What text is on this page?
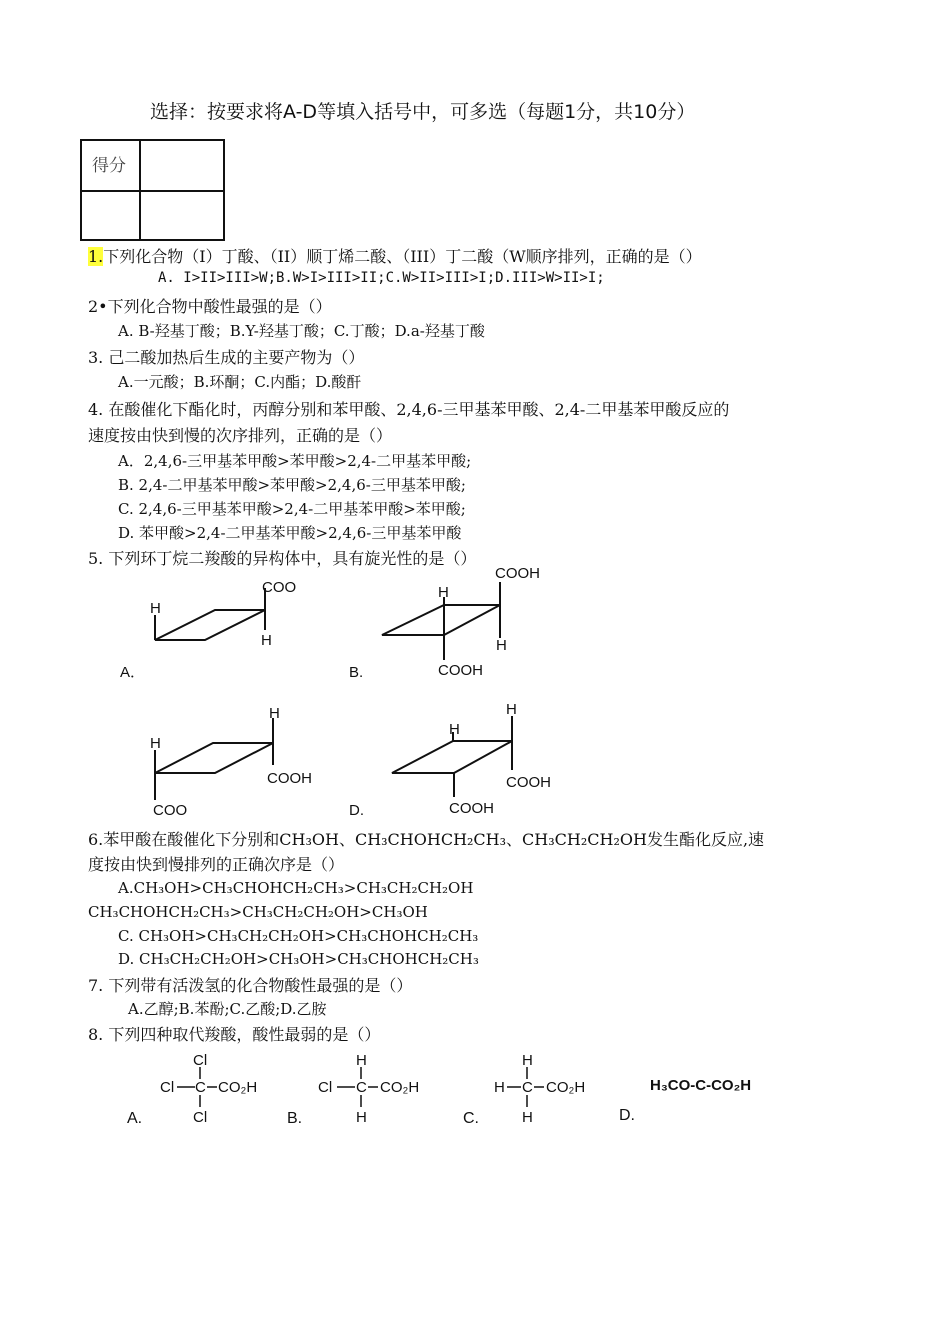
选择：按要求将A-D等填入括号中，可多选（每题1分，共10分）
得分	

1.下列化合物（Ⅰ）丁酸、（II）顺丁烯二酸、（III）丁二酸（W顺序排列，正确的是（）
A. I>II>III>W;B.W>I>III>II;C.W>II>III>I;D.III>W>II>I;
2•下列化合物中酸性最强的是（）
A. B-羟基丁酸；B.Y-羟基丁酸；C.丁酸；D.a-羟基丁酸
3. 己二酸加热后生成的主要产物为（）
A.一元酸；B.环酮；C.内酯；D.酸酐
4. 在酸催化下酯化时，丙醇分别和苯甲酸、2,4,6-三甲基苯甲酸、2,4-二甲基苯甲酸反应的
速度按由快到慢的次序排列，正确的是（）
A．2,4,6-三甲基苯甲酸>苯甲酸>2,4-二甲基苯甲酸;
B. 2,4-二甲基苯甲酸>苯甲酸>2,4,6-三甲基苯甲酸;
C. 2,4,6-三甲基苯甲酸>2,4-二甲基苯甲酸>苯甲酸;
D. 苯甲酸>2,4-二甲基苯甲酸>2,4,6-三甲基苯甲酸
5. 下列环丁烷二羧酸的异构体中，具有旋光性的是（）
H
COO
H
H
COOH
H
COOH
H
H
COOH
COO
H
H
COOH
COOH
A．	B.
D.
6.苯甲酸在酸催化下分别和CH₃OH、CH₃CHOHCH₂CH₃、CH₃CH₂CH₂OH发生酯化反应,速
度按由快到慢排列的正确次序是（）
A.CH₃OH>CH₃CHOHCH₂CH₃>CH₃CH₂CH₂OH
CH₃CHOHCH₂CH₃>CH₃CH₂CH₂OH>CH₃OH
C. CH₃OH>CH₃CH₂CH₂OH>CH₃CHOHCH₂CH₃
D. CH₃CH₂CH₂OH>CH₃OH>CH₃CHOHCH₂CH₃
7. 下列带有活泼氢的化合物酸性最强的是（）
A.乙醇;B.苯酚;C.乙酸;D.乙胺
8. 下列四种取代羧酸，酸性最弱的是（）
Cl
Cl C CO₂H
Cl
H
Cl C CO₂H
H
H
H C CO₂H
H
H₃CO-C-CO₂H
A.	B.	C.	D.
